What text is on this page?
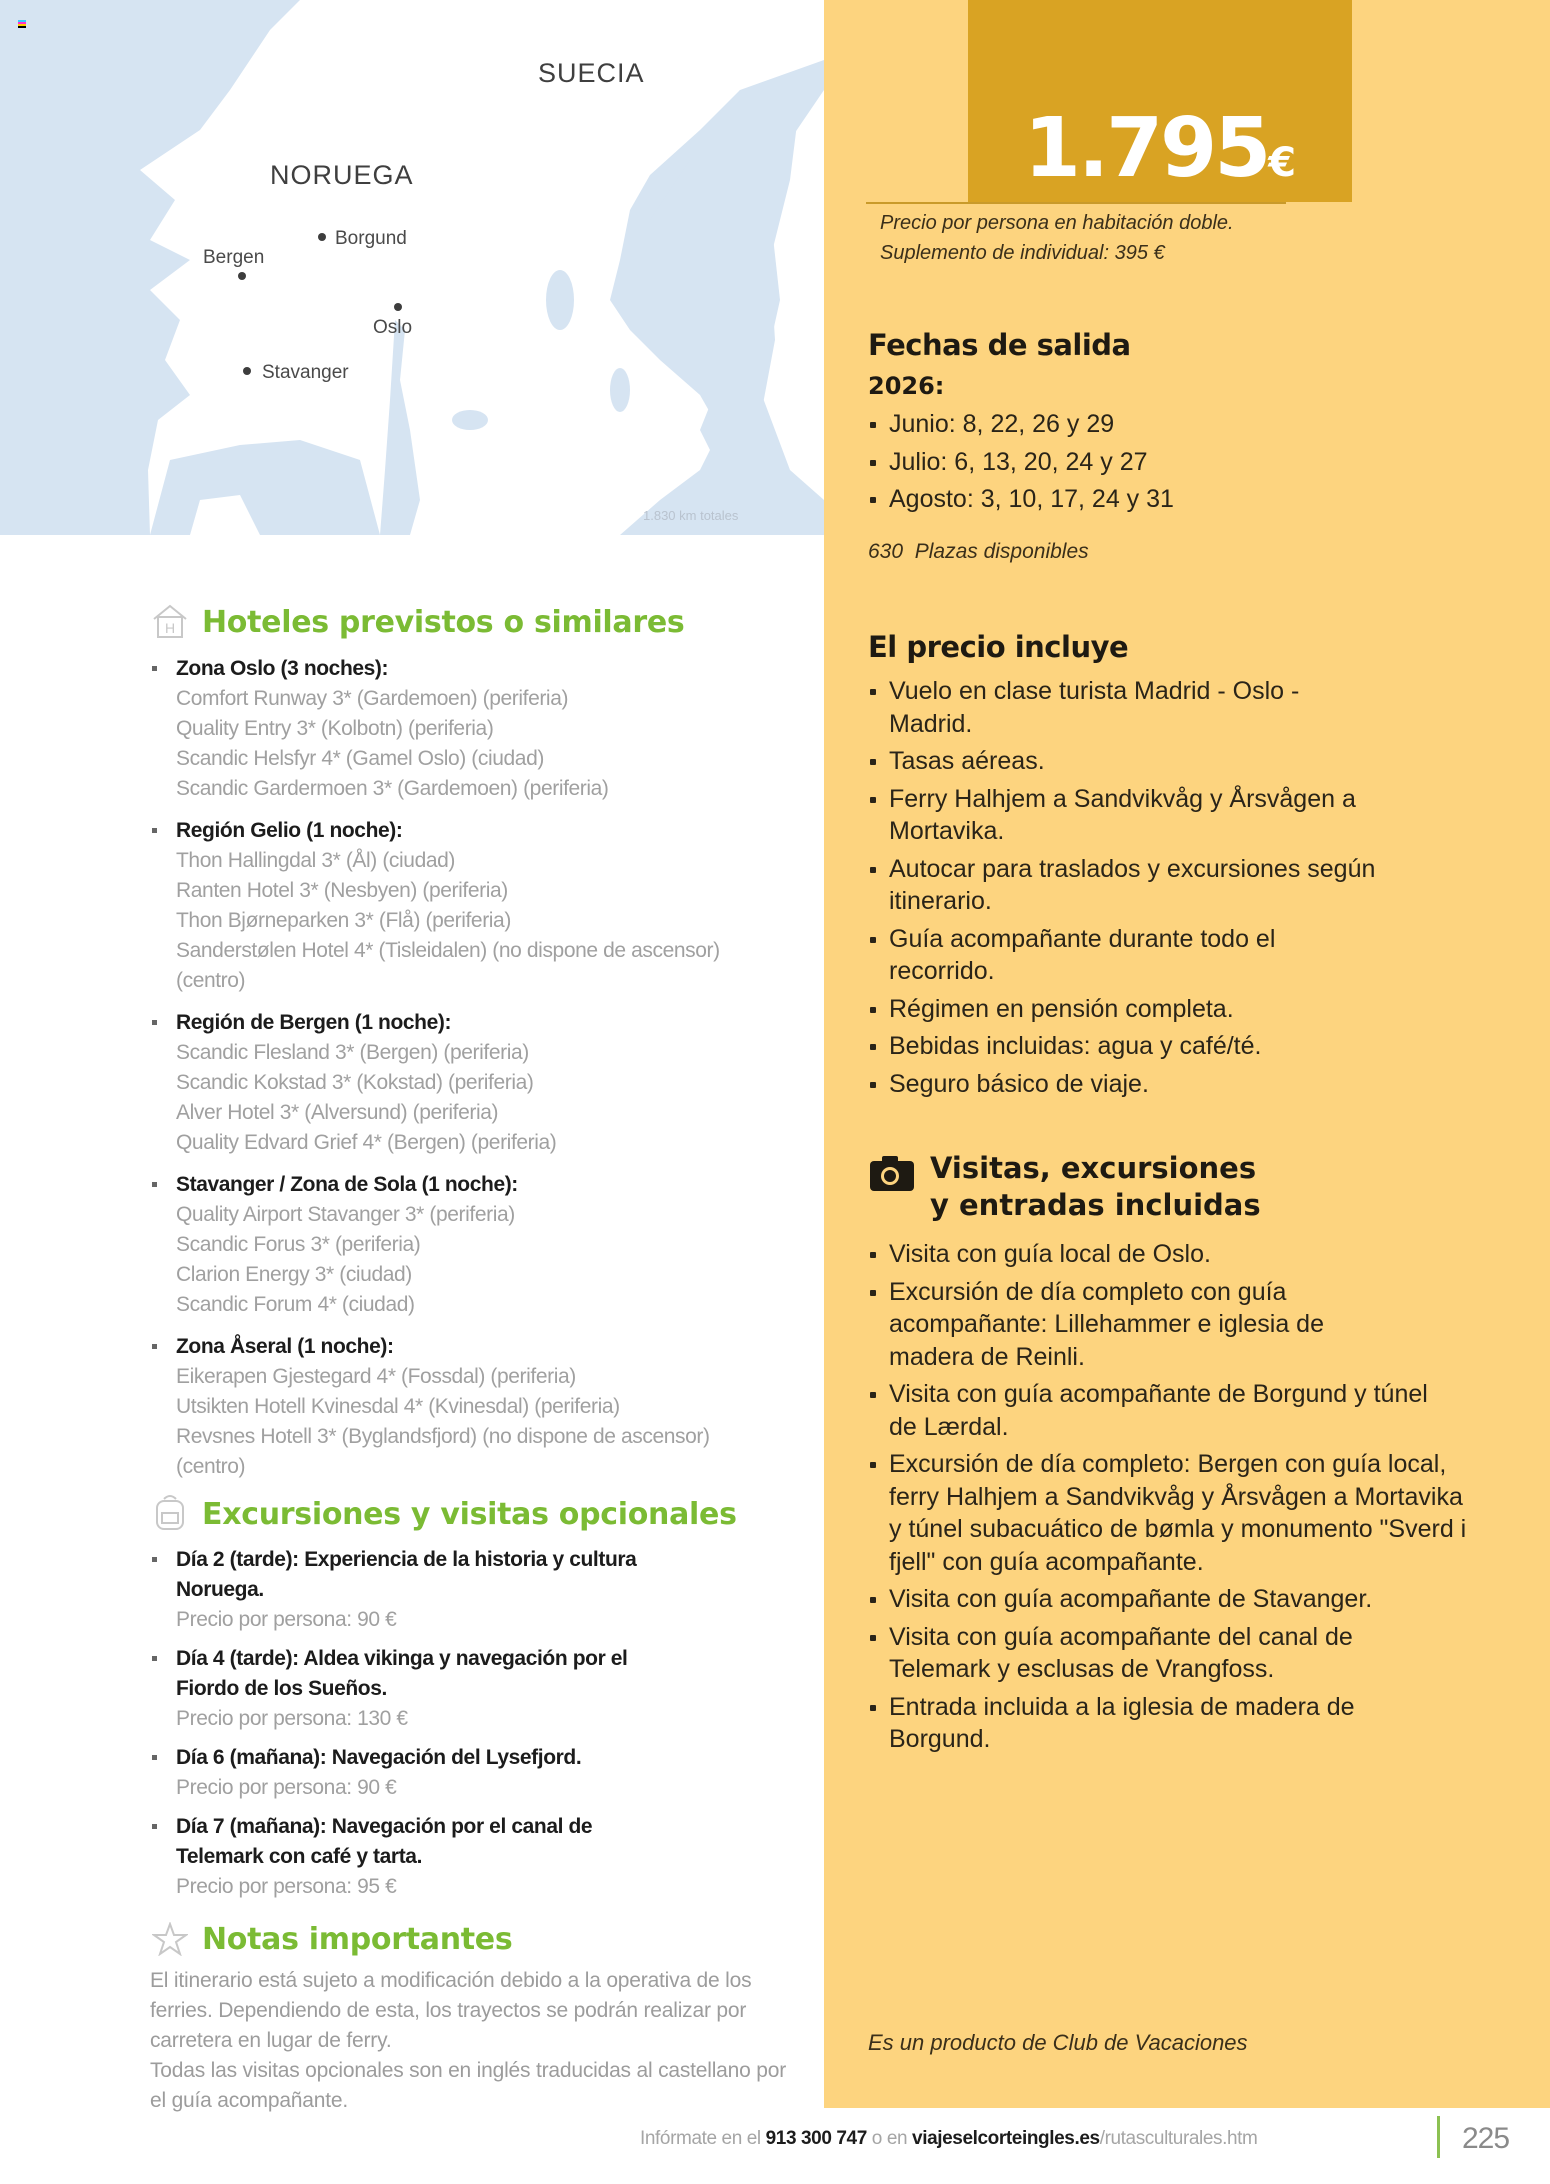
SUECIA
NORUEGA
Borgund
Bergen
Oslo
Stavanger
1.830 km totales
1.795€
Precio por persona en habitación doble.
Suplemento de individual: 395 €
Fechas de salida
2026:
Junio: 8, 22, 26 y 29
Julio: 6, 13, 20, 24 y 27
Agosto: 3, 10, 17, 24 y 31
630 Plazas disponibles
El precio incluye
Vuelo en clase turista Madrid - Oslo - Madrid.
Tasas aéreas.
Ferry Halhjem a Sandvikvåg y Årsvågen a Mortavika.
Autocar para traslados y excursiones según itinerario.
Guía acompañante durante todo el recorrido.
Régimen en pensión completa.
Bebidas incluidas: agua y café/té.
Seguro básico de viaje.
Visitas, excursiones
y entradas incluidas
Visita con guía local de Oslo.
Excursión de día completo con guía acompañante: Lillehammer e iglesia de madera de Reinli.
Visita con guía acompañante de Borgund y túnel de Lærdal.
Excursión de día completo: Bergen con guía local, ferry Halhjem a Sandvikvåg y Årsvågen a Mortavika y túnel subacuático de bømla y monumento "Sverd i fjell" con guía acompañante.
Visita con guía acompañante de Stavanger.
Visita con guía acompañante del canal de Telemark y esclusas de Vrangfoss.
Entrada incluida a la iglesia de madera de Borgund.
Es un producto de Club de Vacaciones
H Hoteles previstos o similares
Zona Oslo (3 noches):
Comfort Runway 3* (Gardemoen) (periferia)
Quality Entry 3* (Kolbotn) (periferia)
Scandic Helsfyr 4* (Gamel Oslo) (ciudad)
Scandic Gardermoen 3* (Gardemoen) (periferia)
Región Gelio (1 noche):
Thon Hallingdal 3* (Ål) (ciudad)
Ranten Hotel 3* (Nesbyen) (periferia)
Thon Bjørneparken 3* (Flå) (periferia)
Sanderstølen Hotel 4* (Tisleidalen) (no dispone de ascensor) (centro)
Región de Bergen (1 noche):
Scandic Flesland 3* (Bergen) (periferia)
Scandic Kokstad 3* (Kokstad) (periferia)
Alver Hotel 3* (Alversund) (periferia)
Quality Edvard Grief 4* (Bergen) (periferia)
Stavanger / Zona de Sola (1 noche):
Quality Airport Stavanger 3* (periferia)
Scandic Forus 3* (periferia)
Clarion Energy 3* (ciudad)
Scandic Forum 4* (ciudad)
Zona Åseral (1 noche):
Eikerapen Gjestegard 4* (Fossdal) (periferia)
Utsikten Hotell Kvinesdal 4* (Kvinesdal) (periferia)
Revsnes Hotell 3* (Byglandsfjord) (no dispone de ascensor) (centro)
Excursiones y visitas opcionales
Día 2 (tarde): Experiencia de la historia y cultura Noruega.
Precio por persona: 90 €
Día 4 (tarde): Aldea vikinga y navegación por el Fiordo de los Sueños.
Precio por persona: 130 €
Día 6 (mañana): Navegación del Lysefjord.
Precio por persona: 90 €
Día 7 (mañana): Navegación por el canal de Telemark con café y tarta.
Precio por persona: 95 €
Notas importantes
El itinerario está sujeto a modificación debido a la operativa de los ferries. Dependiendo de esta, los trayectos se podrán realizar por carretera en lugar de ferry.
Todas las visitas opcionales son en inglés traducidas al castellano por el guía acompañante.
Infórmate en el 913 300 747 o en viajeselcorteingles.es/rutasculturales.htm	225
